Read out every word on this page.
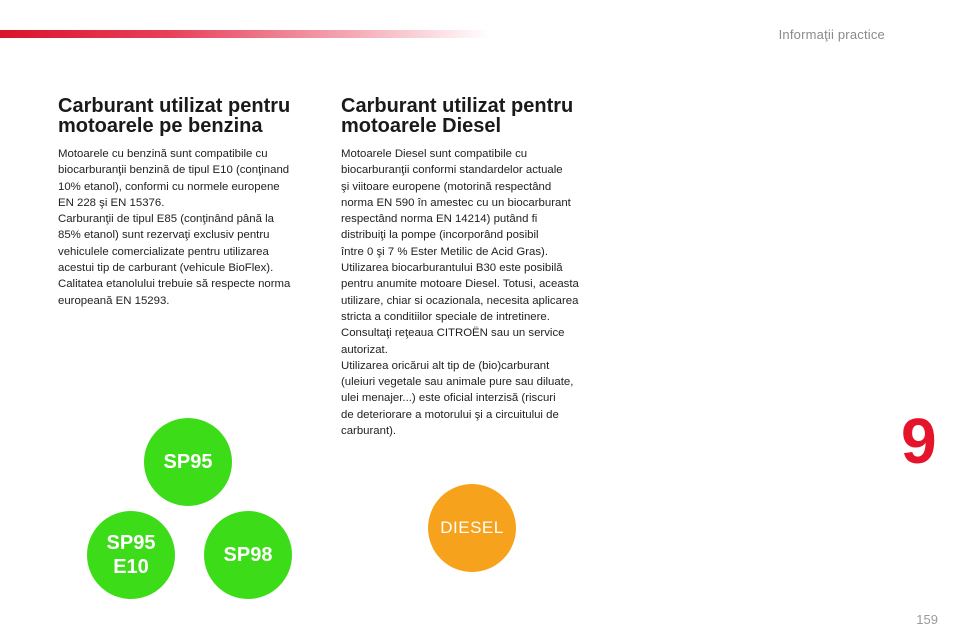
Informaţii practice
Carburant utilizat pentru
motoarele pe benzina
Motoarele cu benzină sunt compatibile cu
biocarburanţii benzină de tipul E10 (conţinand
10% etanol), conformi cu normele europene
EN 228 şi EN 15376.
Carburanţii de tipul E85 (conţinând până la
85% etanol) sunt rezervaţi exclusiv pentru
vehiculele comercializate pentru utilizarea
acestui tip de carburant (vehicule BioFlex).
Calitatea etanolului trebuie să respecte norma
europeană EN 15293.
Carburant utilizat pentru
motoarele Diesel
Motoarele Diesel sunt compatibile cu
biocarburanţii conformi standardelor actuale
şi viitoare europene (motorină respectând
norma EN 590 în amestec cu un biocarburant
respectând norma EN 14214) putând fi
distribuiţi la pompe (incorporând posibil
între 0 şi 7 % Ester Metilic de Acid Gras).
Utilizarea biocarburantului B30 este posibilă
pentru anumite motoare Diesel. Totusi, aceasta
utilizare, chiar si ocazionala, necesita aplicarea
stricta a conditiilor speciale de intretinere.
Consultaţi reţeaua CITROËN sau un service
autorizat.
Utilizarea oricărui alt tip de (bio)carburant
(uleiuri vegetale sau animale pure sau diluate,
ulei menajer...) este oficial interzisă (riscuri
de deteriorare a motorului şi a circuitului de
carburant).
SP95
SP95
E10
SP98
DIESEL
9
159
